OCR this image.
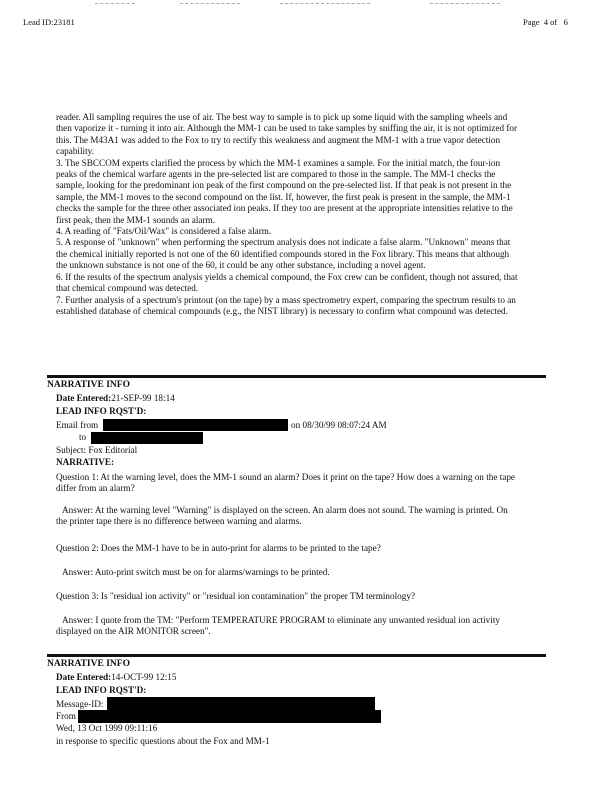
Lead ID:23181	Page  4 of   6

reader. All sampling requires the use of air. The best way to sample is to pick up some liquid with the sampling wheels and then vaporize it - turning it into air. Although the MM-1 can be used to take samples by sniffing the air, it is not optimized for this. The M43A1 was added to the Fox to try to rectify this weakness and augment the MM-1 with a true vapor detection capability.

3. The SBCCOM experts clarified the process by which the MM-1 examines a sample. For the initial match, the four-ion peaks of the chemical warfare agents in the pre-selected list are compared to those in the sample. The MM-1 checks the sample, looking for the predominant ion peak of the first compound on the pre-selected list. If that peak is not present in the sample, the MM-1 moves to the second compound on the list. If, however, the first peak is present in the sample, the MM-1 checks the sample for the three other associated ion peaks. If they too are present at the appropriate intensities relative to the first peak, then the MM-1 sounds an alarm.

4. A reading of "Fats/Oil/Wax" is considered a false alarm.

5. A response of "unknown" when performing the spectrum analysis does not indicate a false alarm. "Unknown" means that the chemical initially reported is not one of the 60 identified compounds stored in the Fox library. This means that although the unknown substance is not one of the 60, it could be any other substance, including a novel agent.

6. If the results of the spectrum analysis yields a chemical compound, the Fox crew can be confident, though not assured, that that chemical compound was detected.

7. Further analysis of a spectrum's printout (on the tape) by a mass spectrometry expert, comparing the spectrum results to an established database of chemical compounds (e.g., the NIST library) is necessary to confirm what compound was detected.

NARRATIVE INFO
Date Entered:21-SEP-99 18:14
LEAD INFO RQST'D:
Email from	on 08/30/99 08:07:24 AM
to
Subject: Fox Editorial
NARRATIVE:
Question 1: At the warning level, does the MM-1 sound an alarm? Does it print on the tape? How does a warning on the tape differ from an alarm?
Answer: At the warning level "Warning" is displayed on the screen. An alarm does not sound. The warning is printed. On the printer tape there is no difference between warning and alarms.
Question 2: Does the MM-1 have to be in auto-print for alarms to be printed to the tape?
Answer: Auto-print switch must be on for alarms/warnings to be printed.
Question 3: Is "residual ion activity" or "residual ion contamination" the proper TM terminology?
Answer: I quote from the TM: "Perform TEMPERATURE PROGRAM to eliminate any unwanted residual ion activity displayed on the AIR MONITOR screen".
NARRATIVE INFO
Date Entered:14-OCT-99 12:15
LEAD INFO RQST'D:
Message-ID:
From
Wed, 13 Oct 1999 09:11:16
in response to specific questions about the Fox and MM-1
